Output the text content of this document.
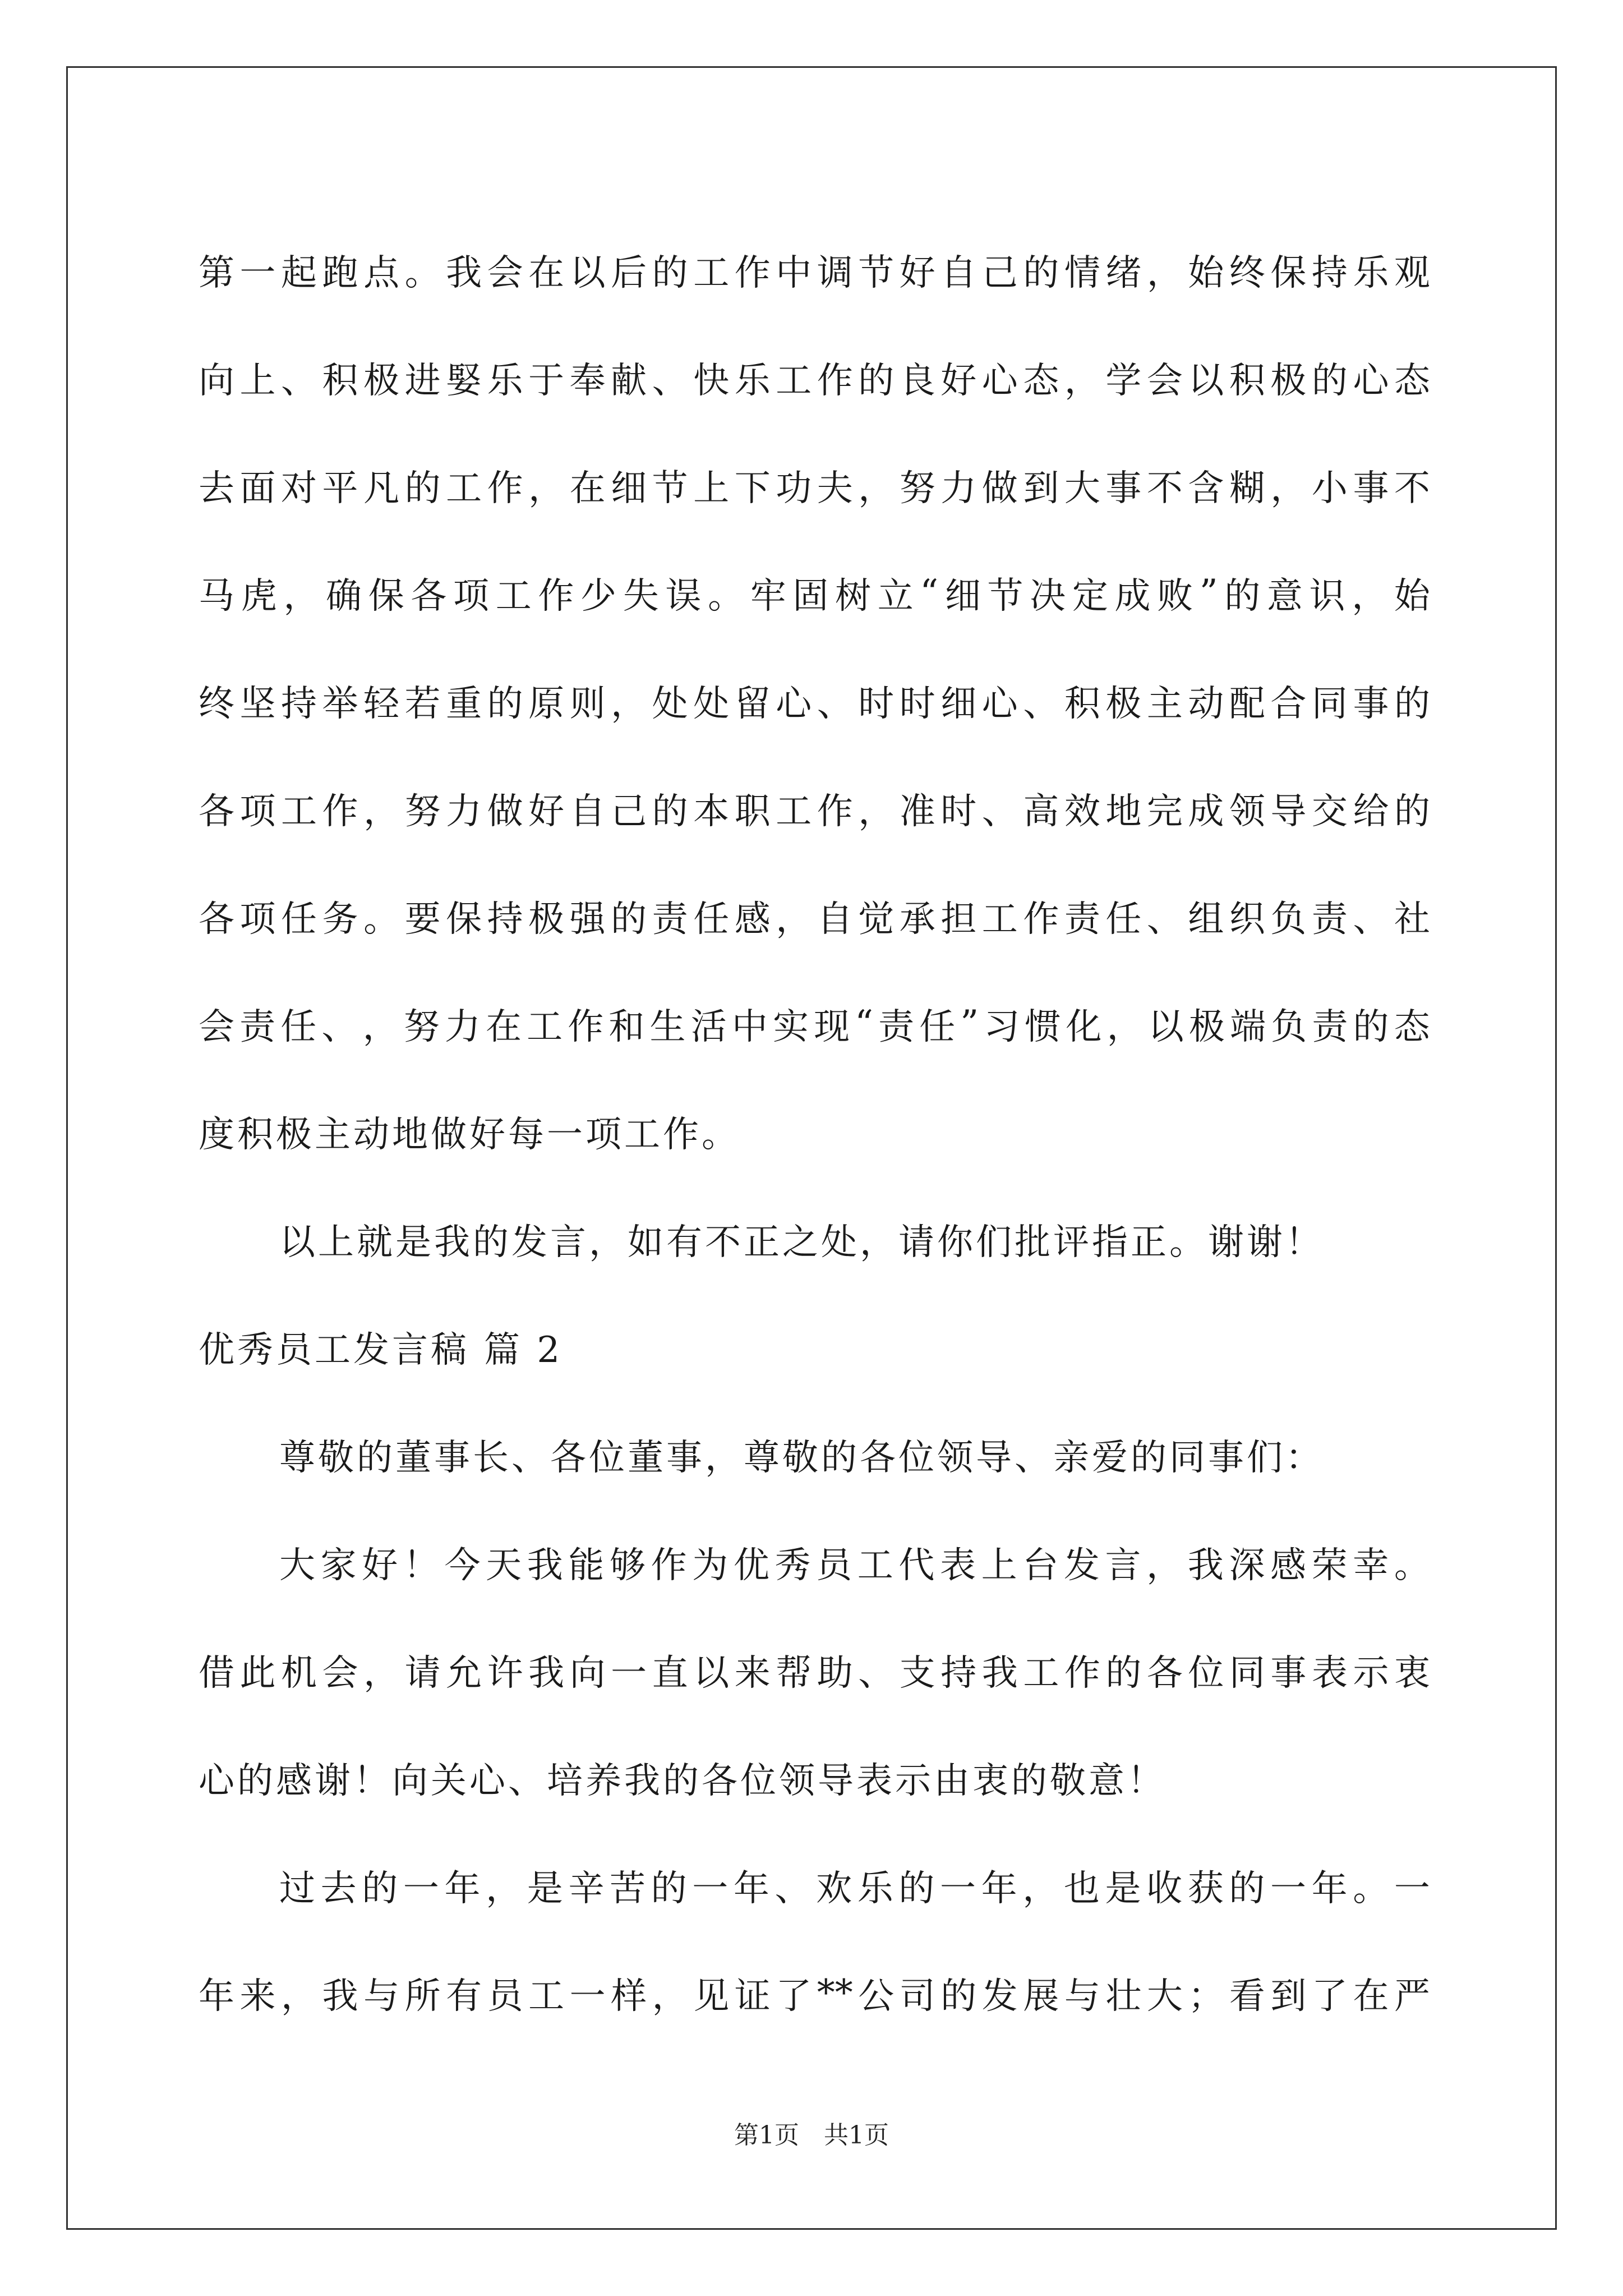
第 一 起 跑 点 。 我 会 在 以 后 的 工 作 中 调 节 好 自 己 的 情 绪 ， 始 终 保 持 乐 观
向 上 、 积 极 进 婜 乐 于 奉 献 、 快 乐 工 作 的 良 好 心 态 ， 学 会 以 积 极 的 心 态
去 面 对 平 凡 的 工 作 ， 在 细 节 上 下 功 夫 ， 努 力 做 到 大 事 不 含 糊 ， 小 事 不
马 虎 ， 确 保 各 项 工 作 少 失 误 。 牢 固 树 立 “ 细 节 决 定 成 败 ” 的 意 识 ， 始
终 坚 持 举 轻 若 重 的 原 则 ， 处 处 留 心 、 时 时 细 心 、 积 极 主 动 配 合 同 事 的
各 项 工 作 ， 努 力 做 好 自 己 的 本 职 工 作 ， 准 时 、 高 效 地 完 成 领 导 交 给 的
各 项 任 务 。 要 保 持 极 强 的 责 任 感 ， 自 觉 承 担 工 作 责 任 、 组 织 负 责 、 社
会 责 任 、 ， 努 力 在 工 作 和 生 活 中 实 现 “ 责 任 ” 习 惯 化 ， 以 极 端 负 责 的 态
度积极主动地做好每一项工作。
以上就是我的发言，如有不正之处，请你们批评指正。谢谢！
优秀员工发言稿 篇 2
尊敬的董事长、各位董事，尊敬的各位领导、亲爱的同事们：
大 家 好 ！ 今 天 我 能 够 作 为 优 秀 员 工 代 表 上 台 发 言 ， 我 深 感 荣 幸 。
借 此 机 会 ， 请 允 许 我 向 一 直 以 来 帮 助 、 支 持 我 工 作 的 各 位 同 事 表 示 衷
心的感谢！向关心、培养我的各位领导表示由衷的敬意！
过 去 的 一 年 ， 是 辛 苦 的 一 年 、 欢 乐 的 一 年 ， 也 是 收 获 的 一 年 。 一
年 来 ， 我 与 所 有 员 工 一 样 ， 见 证 了 ** 公 司 的 发 展 与 壮 大 ； 看 到 了 在 严
第1页 共1页
